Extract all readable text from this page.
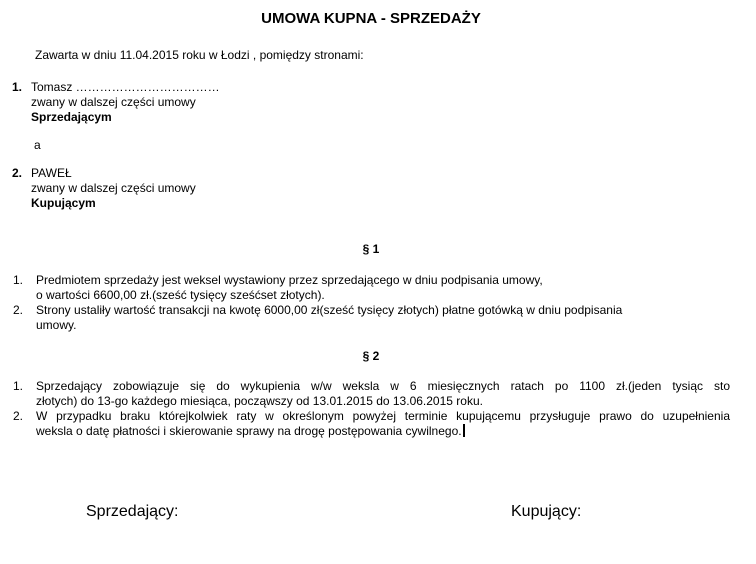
UMOWA KUPNA - SPRZEDAŻY
Zawarta w dniu 11.04.2015 roku w Łodzi , pomiędzy stronami:
1. Tomasz ………………………………
zwany w dalszej części umowy
Sprzedającym
a
2. PAWEŁ
zwany w dalszej części umowy
Kupującym
§ 1
1. Predmiotem sprzedaży jest weksel wystawiony przez sprzedającego w dniu podpisania umowy,
o wartości 6600,00 zł.(sześć tysięcy sześćset złotych).
2. Strony ustaliły wartość transakcji na kwotę 6000,00 zł(sześć tysięcy złotych) płatne gotówką w dniu podpisania
umowy.
§ 2
1. Sprzedający zobowiązuje się do wykupienia w/w weksla w 6 miesięcznych ratach po 1100 zł.(jeden tysiąc sto
złotych) do 13-go każdego miesiąca, począwszy od 13.01.2015 do 13.06.2015 roku.
2. W przypadku braku którejkolwiek raty w określonym powyżej terminie kupującemu przysługuje prawo do uzupełnienia
weksla o datę płatności i skierowanie sprawy na drogę postępowania cywilnego.
Sprzedający:	Kupujący:
